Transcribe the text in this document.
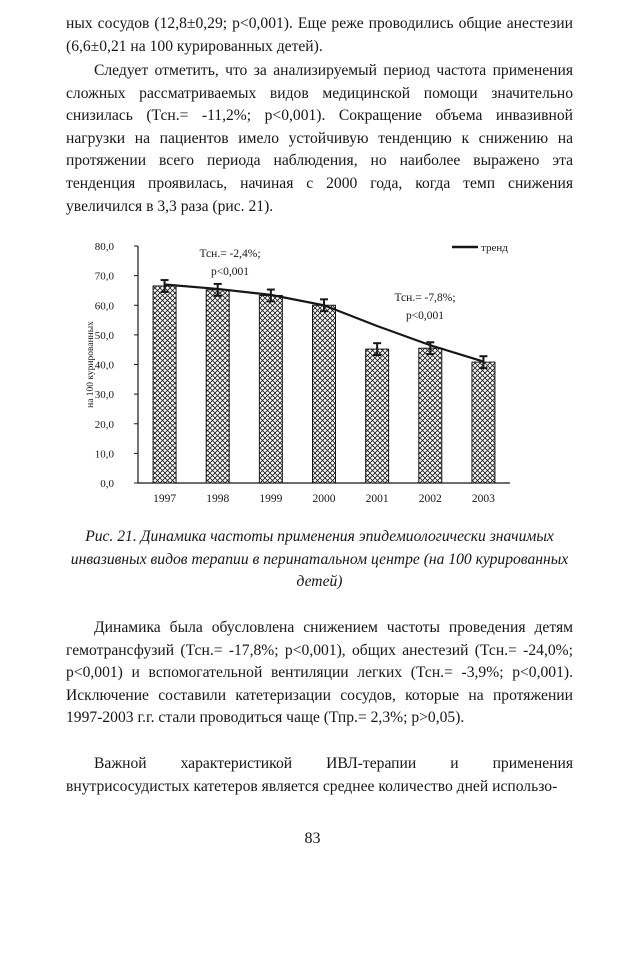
ных сосудов (12,8±0,29; р<0,001). Еще реже проводились общие анестезии (6,6±0,21 на 100 курированных детей).

Следует отметить, что за анализируемый период частота применения сложных рассматриваемых видов медицинской помощи значительно снизилась (Тсн.= -11,2%; р<0,001). Сокращение объема инвазивной нагрузки на пациентов имело устойчивую тенденцию к снижению на протяжении всего периода наблюдения, но наиболее выражено эта тенденция проявилась, начиная с 2000 года, когда темп снижения увеличился в 3,3 раза (рис. 21).

0,0
10,0
20,0
30,0
40,0
50,0
60,0
70,0
80,0
на 100 курированных
1997	1998	1999	2000	2001	2002	2003
тренд
Тсн.= -2,4%;
р<0,001
Тсн.= -7,8%;
р<0,001

Рис. 21. Динамика частоты применения эпидемиологически значимых инвазивных видов терапии в перинатальном центре (на 100 курированных детей)

Динамика была обусловлена снижением частоты проведения детям гемотрансфузий (Тсн.= -17,8%; р<0,001), общих анестезий (Тсн.= -24,0%; р<0,001) и вспомогательной вентиляции легких (Тсн.= -3,9%; р<0,001). Исключение составили катетеризации сосудов, которые на протяжении 1997-2003 г.г. стали проводиться чаще (Тпр.= 2,3%; р>0,05).

Важной характеристикой ИВЛ-терапии и применения внутрисосудистых катетеров является среднее количество дней использо-

83
